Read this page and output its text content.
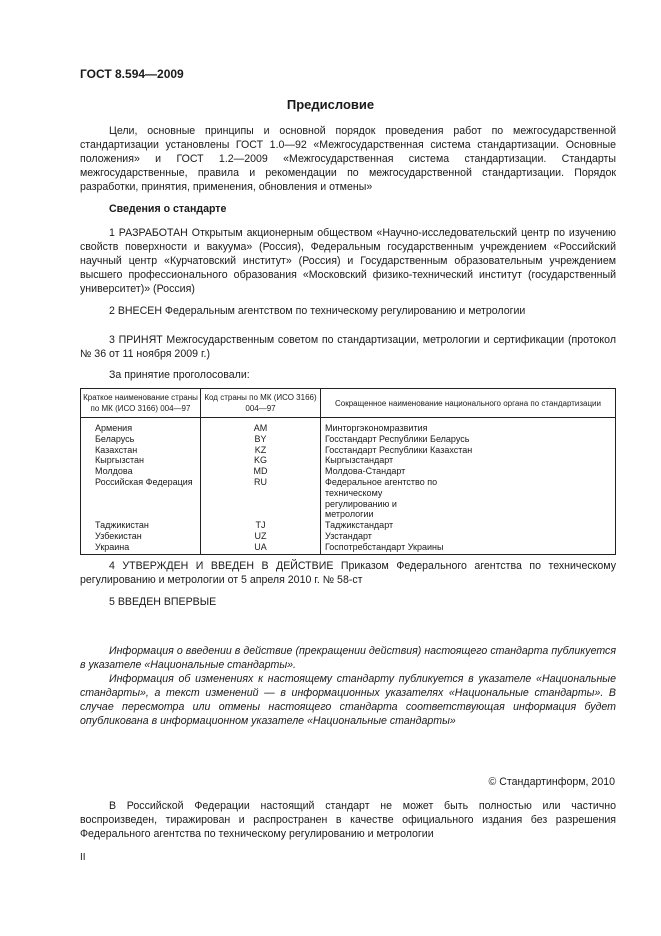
ГОСТ 8.594—2009
Предисловие

Цели, основные принципы и основной порядок проведения работ по межгосударственной стандартизации установлены ГОСТ 1.0—92 «Межгосударственная система стандартизации. Основные положения» и ГОСТ 1.2—2009 «Межгосударственная система стандартизации. Стандарты межгосударственные, правила и рекомендации по межгосударственной стандартизации. Порядок разработки, принятия, применения, обновления и отмены»

Сведения о стандарте

1 РАЗРАБОТАН Открытым акционерным обществом «Научно-исследовательский центр по изучению свойств поверхности и вакуума» (Россия), Федеральным государственным учреждением «Российский научный центр «Курчатовский институт» (Россия) и Государственным образовательным учреждением высшего профессионального образования «Московский физико-технический институт (государственный университет)» (Россия)

2 ВНЕСЕН Федеральным агентством по техническому регулированию и метрологии

3 ПРИНЯТ Межгосударственным советом по стандартизации, метрологии и сертификации (протокол № 36 от 11 ноября 2009 г.)

За принятие проголосовали:

Краткое наименование страны по МК (ИСО 3166) 004—97	Код страны по МК (ИСО 3166) 004—97	Сокращенное наименование национального органа по стандартизации
Армения	AM	Минторгэкономразвития
Беларусь	BY	Госстандарт Республики Беларусь
Казахстан	KZ	Госстандарт Республики Казахстан
Кыргызстан	KG	Кыргызстандарт
Молдова	MD	Молдова-Стандарт
Российская Федерация	RU	Федеральное агентство по техническому регулированию и метрологии
Таджикистан	TJ	Таджикстандарт
Узбекистан	UZ	Узстандарт
Украина	UA	Госпотребстандарт Украины

4 УТВЕРЖДЕН И ВВЕДЕН В ДЕЙСТВИЕ Приказом Федерального агентства по техническому регулированию и метрологии от 5 апреля 2010 г. № 58-ст

5 ВВЕДЕН ВПЕРВЫЕ

Информация о введении в действие (прекращении действия) настоящего стандарта публикуется в указателе «Национальные стандарты».

Информация об изменениях к настоящему стандарту публикуется в указателе «Национальные стандарты», а текст изменений — в информационных указателях «Национальные стандарты». В случае пересмотра или отмены настоящего стандарта соответствующая информация будет опубликована в информационном указателе «Национальные стандарты»

© Стандартинформ, 2010

В Российской Федерации настоящий стандарт не может быть полностью или частично воспроизведен, тиражирован и распространен в качестве официального издания без разрешения Федерального агентства по техническому регулированию и метрологии

II
